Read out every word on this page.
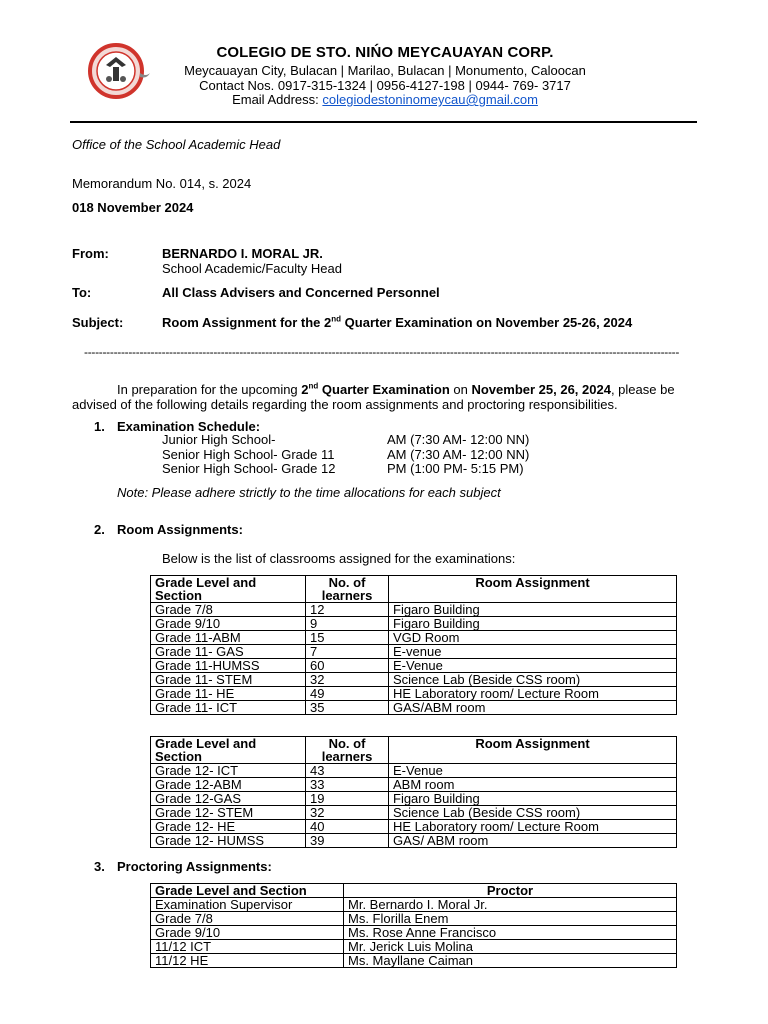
COLEGIO DE STO. NIŃO MEYCAUAYAN CORP.
Meycauayan City, Bulacan | Marilao, Bulacan | Monumento, Caloocan
Contact Nos. 0917-315-1324 | 0956-4127-198 | 0944- 769- 3717
Email Address: colegiodestoninomeycau@gmail.com
Office of the School Academic Head
Memorandum No. 014, s. 2024
018 November 2024
From:	BERNARDO I. MORAL JR.
School Academic/Faculty Head
To:	All Class Advisers and Concerned Personnel
Subject:	Room Assignment for the 2nd Quarter Examination on November 25-26, 2024
-----------------------------------------------------------------------------------------------------------------------------------------------------------------
In preparation for the upcoming 2nd Quarter Examination on November 25, 26, 2024, please be advised of the following details regarding the room assignments and proctoring responsibilities.
1. Examination Schedule:
Junior High School-	AM (7:30 AM- 12:00 NN)
Senior High School- Grade 11	AM (7:30 AM- 12:00 NN)
Senior High School- Grade 12	PM (1:00 PM- 5:15 PM)
Note: Please adhere strictly to the time allocations for each subject
2. Room Assignments:
Below is the list of classrooms assigned for the examinations:
Grade Level and Section	No. of learners	Room Assignment
Grade 7/8	12	Figaro Building
Grade 9/10	9	Figaro Building
Grade 11-ABM	15	VGD Room
Grade 11- GAS	7	E-venue
Grade 11-HUMSS	60	E-Venue
Grade 11- STEM	32	Science Lab (Beside CSS room)
Grade 11- HE	49	HE Laboratory room/ Lecture Room
Grade 11- ICT	35	GAS/ABM room
Grade Level and Section	No. of learners	Room Assignment
Grade 12- ICT	43	E-Venue
Grade 12-ABM	33	ABM room
Grade 12-GAS	19	Figaro Building
Grade 12- STEM	32	Science Lab (Beside CSS room)
Grade 12- HE	40	HE Laboratory room/ Lecture Room
Grade 12- HUMSS	39	GAS/ ABM room
3. Proctoring Assignments:
Grade Level and Section	Proctor
Examination Supervisor	Mr. Bernardo I. Moral Jr.
Grade 7/8	Ms. Florilla Enem
Grade 9/10	Ms. Rose Anne Francisco
11/12 ICT	Mr. Jerick Luis Molina
11/12 HE	Ms. Mayllane Caiman
